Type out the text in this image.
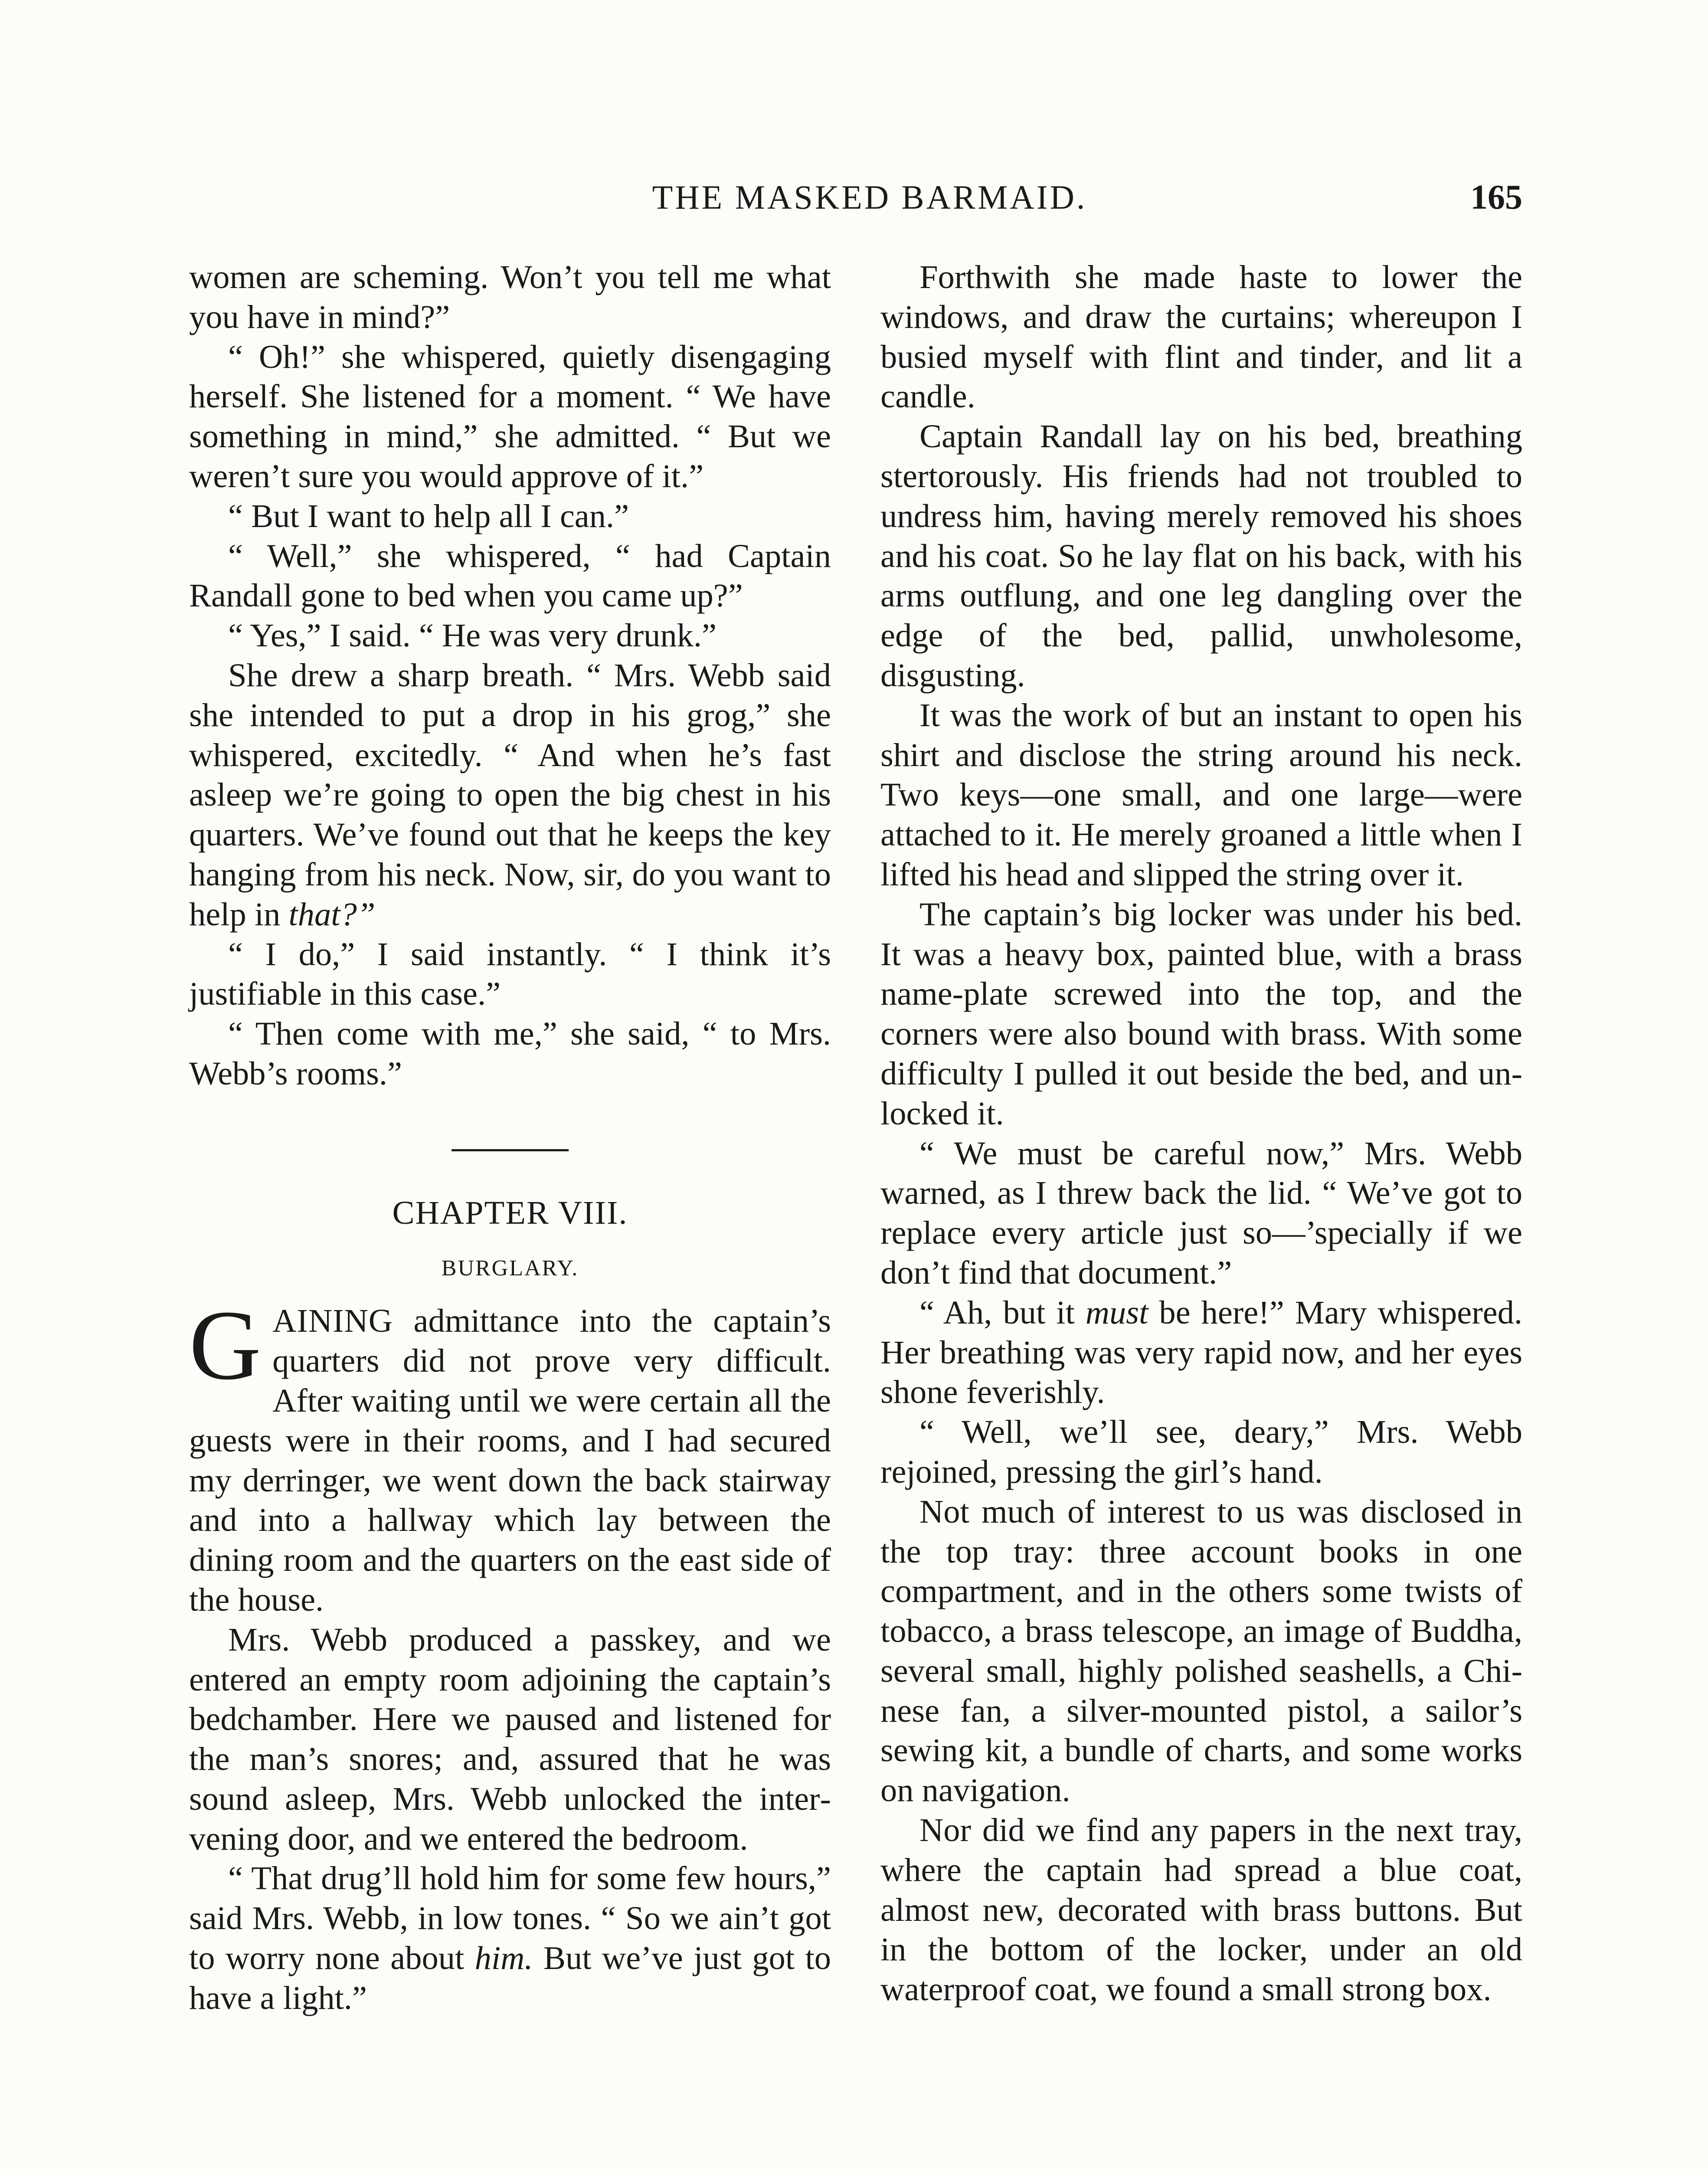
THE MASKED BARMAID.	165

women are scheming. Won’t you tell me what you have in mind?”

“ Oh!” she whispered, quietly disengaging herself. She listened for a moment. “ We have something in mind,” she admitted. “ But we weren’t sure you would approve of it.”

“ But I want to help all I can.”

“ Well,” she whispered, “ had Captain Randall gone to bed when you came up?”

“ Yes,” I said. “ He was very drunk.”

She drew a sharp breath. “ Mrs. Webb said she intended to put a drop in his grog,” she whispered, excitedly. “ And when he’s fast asleep we’re going to open the big chest in his quarters. We’ve found out that he keeps the key hanging from his neck. Now, sir, do you want to help in that?”

“ I do,” I said instantly. “ I think it’s justifiable in this case.”

“ Then come with me,” she said, “ to Mrs. Webb’s rooms.”

CHAPTER VIII.
BURGLARY.

GAINING admittance into the captain’s quarters did not prove very difficult. After waiting until we were certain all the guests were in their rooms, and I had secured my derringer, we went down the back stairway and into a hallway which lay between the dining room and the quarters on the east side of the house.

Mrs. Webb produced a passkey, and we entered an empty room adjoining the captain’s bedchamber. Here we paused and listened for the man’s snores; and, assured that he was sound asleep, Mrs. Webb unlocked the intervening door, and we entered the bedroom.

“ That drug’ll hold him for some few hours,” said Mrs. Webb, in low tones. “ So we ain’t got to worry none about him. But we’ve just got to have a light.”

Forthwith she made haste to lower the windows, and draw the curtains; whereupon I busied myself with flint and tinder, and lit a candle.

Captain Randall lay on his bed, breathing stertorously. His friends had not troubled to undress him, having merely removed his shoes and his coat. So he lay flat on his back, with his arms outflung, and one leg dangling over the edge of the bed, pallid, unwholesome, disgusting.

It was the work of but an instant to open his shirt and disclose the string around his neck. Two keys—one small, and one large—were attached to it. He merely groaned a little when I lifted his head and slipped the string over it.

The captain’s big locker was under his bed. It was a heavy box, painted blue, with a brass name-plate screwed into the top, and the corners were also bound with brass. With some difficulty I pulled it out beside the bed, and unlocked it.

“ We must be careful now,” Mrs. Webb warned, as I threw back the lid. “ We’ve got to replace every article just so—’specially if we don’t find that document.”

“ Ah, but it must be here!” Mary whispered. Her breathing was very rapid now, and her eyes shone feverishly.

“ Well, we’ll see, deary,” Mrs. Webb rejoined, pressing the girl’s hand.

Not much of interest to us was disclosed in the top tray: three account books in one compartment, and in the others some twists of tobacco, a brass telescope, an image of Buddha, several small, highly polished seashells, a Chinese fan, a silver-mounted pistol, a sailor’s sewing kit, a bundle of charts, and some works on navigation.

Nor did we find any papers in the next tray, where the captain had spread a blue coat, almost new, decorated with brass buttons. But in the bottom of the locker, under an old waterproof coat, we found a small strong box.
